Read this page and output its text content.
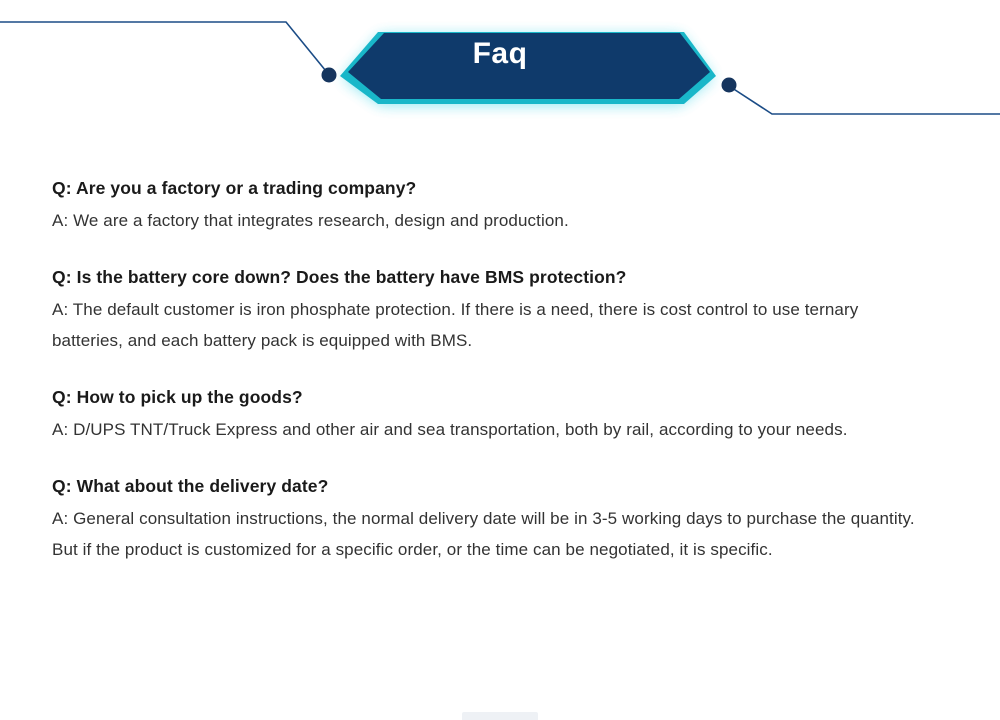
Faq

Q: Are you a factory or a trading company?

A: We are a factory that integrates research, design and production.

Q: Is the battery core down? Does the battery have BMS protection?

A: The default customer is iron phosphate protection. If there is a need, there is cost control to use ternary batteries, and each battery pack is equipped with BMS.

Q: How to pick up the goods?

A: D/UPS TNT/Truck Express and other air and sea transportation, both by rail, according to your needs.

Q: What about the delivery date?

A: General consultation instructions, the normal delivery date will be in 3-5 working days to purchase the quantity. But if the product is customized for a specific order, or the time can be negotiated, it is specific.
